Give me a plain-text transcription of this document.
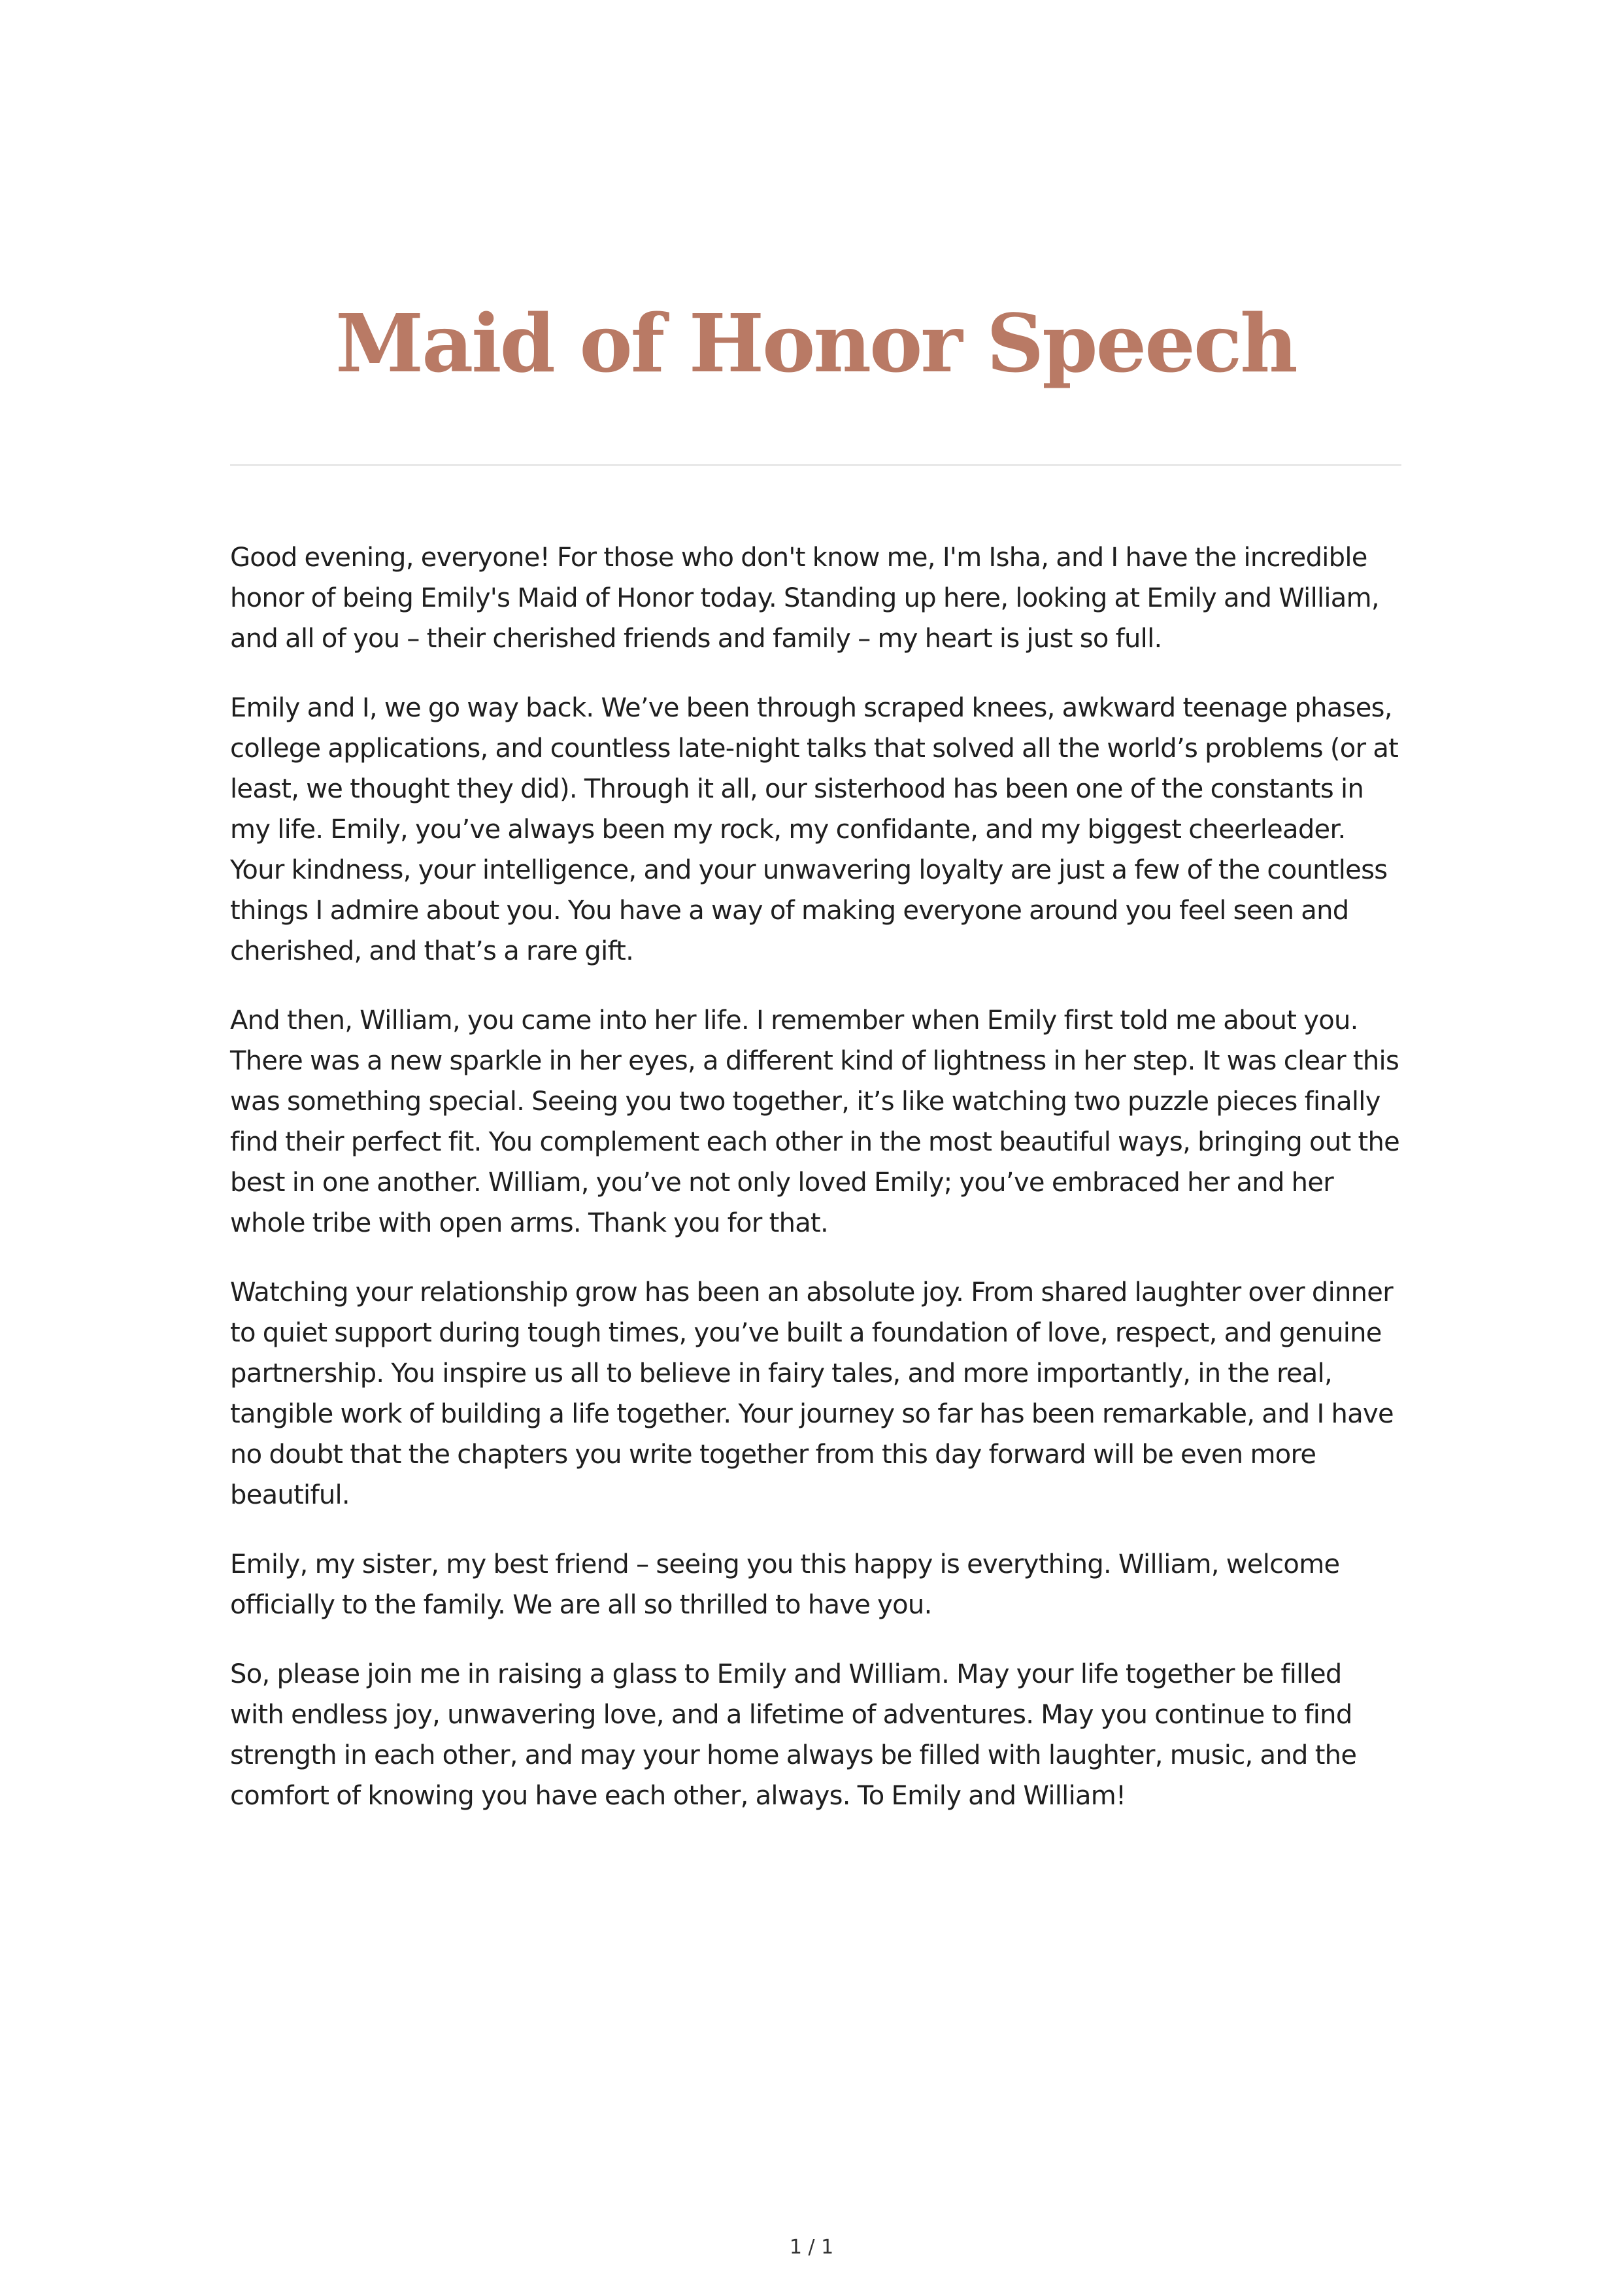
Maid of Honor Speech

Good evening, everyone! For those who don't know me, I'm Isha, and I have the incredible honor of being Emily's Maid of Honor today. Standing up here, looking at Emily and William, and all of you – their cherished friends and family – my heart is just so full.

Emily and I, we go way back. We’ve been through scraped knees, awkward teenage phases, college applications, and countless late-night talks that solved all the world’s problems (or at least, we thought they did). Through it all, our sisterhood has been one of the constants in my life. Emily, you’ve always been my rock, my confidante, and my biggest cheerleader. Your kindness, your intelligence, and your unwavering loyalty are just a few of the countless things I admire about you. You have a way of making everyone around you feel seen and cherished, and that’s a rare gift.

And then, William, you came into her life. I remember when Emily first told me about you. There was a new sparkle in her eyes, a different kind of lightness in her step. It was clear this was something special. Seeing you two together, it’s like watching two puzzle pieces finally find their perfect fit. You complement each other in the most beautiful ways, bringing out the best in one another. William, you’ve not only loved Emily; you’ve embraced her and her whole tribe with open arms. Thank you for that.

Watching your relationship grow has been an absolute joy. From shared laughter over dinner to quiet support during tough times, you’ve built a foundation of love, respect, and genuine partnership. You inspire us all to believe in fairy tales, and more importantly, in the real, tangible work of building a life together. Your journey so far has been remarkable, and I have no doubt that the chapters you write together from this day forward will be even more beautiful.

Emily, my sister, my best friend – seeing you this happy is everything. William, welcome officially to the family. We are all so thrilled to have you.

So, please join me in raising a glass to Emily and William. May your life together be filled with endless joy, unwavering love, and a lifetime of adventures. May you continue to find strength in each other, and may your home always be filled with laughter, music, and the comfort of knowing you have each other, always. To Emily and William!

1 / 1
